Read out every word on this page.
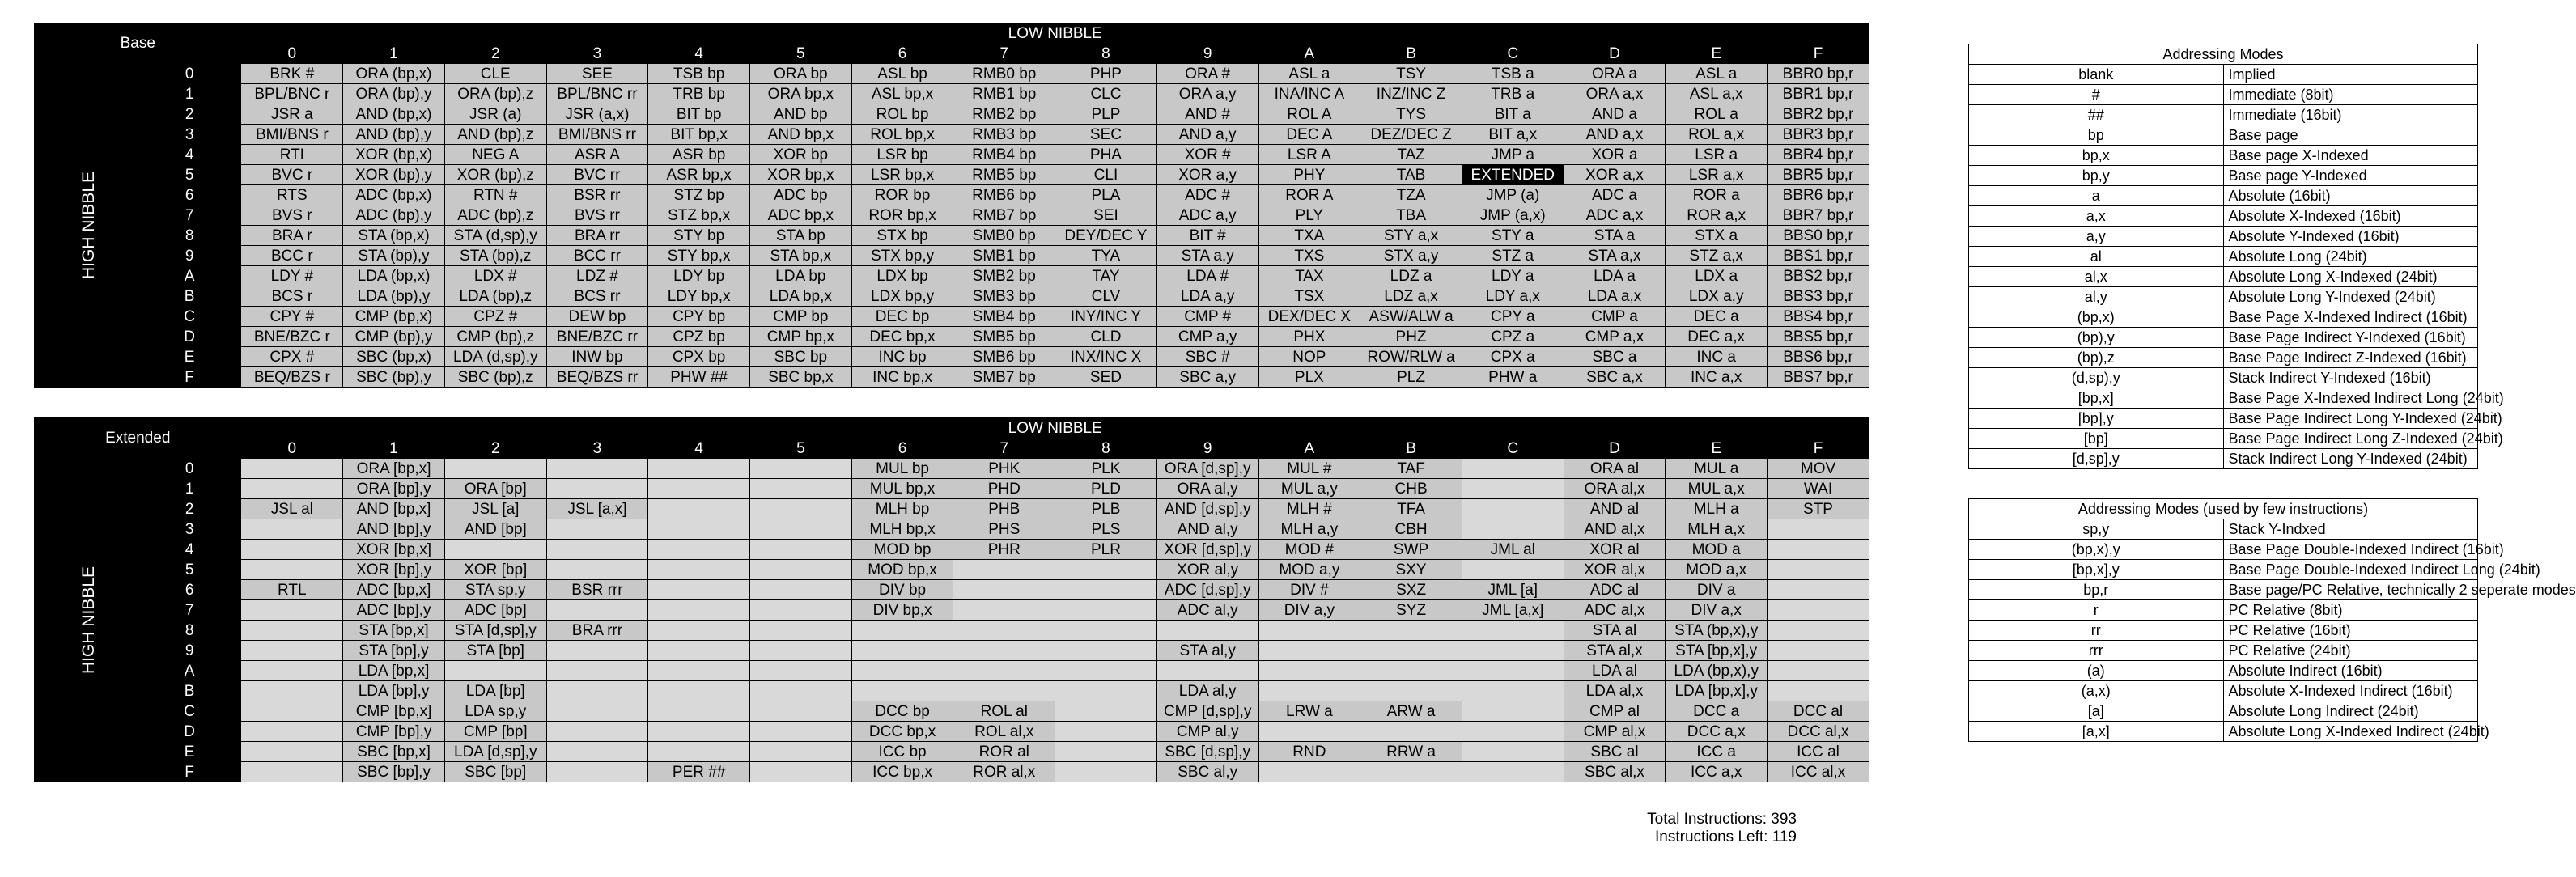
Base		LOW NIBBLE															
		0	1	2	3	4	5	6	7	8	9	A	B	C	D	E	F
HIGH NIBBLE	0	BRK #	ORA (bp,x)	CLE	SEE	TSB bp	ORA bp	ASL bp	RMB0 bp	PHP	ORA #	ASL a	TSY	TSB a	ORA a	ASL a	BBR0 bp,r
	1	BPL/BNC r	ORA (bp),y	ORA (bp),z	BPL/BNC rr	TRB bp	ORA bp,x	ASL bp,x	RMB1 bp	CLC	ORA a,y	INA/INC A	INZ/INC Z	TRB a	ORA a,x	ASL a,x	BBR1 bp,r
	2	JSR a	AND (bp,x)	JSR (a)	JSR (a,x)	BIT bp	AND bp	ROL bp	RMB2 bp	PLP	AND #	ROL A	TYS	BIT a	AND a	ROL a	BBR2 bp,r
	3	BMI/BNS r	AND (bp),y	AND (bp),z	BMI/BNS rr	BIT bp,x	AND bp,x	ROL bp,x	RMB3 bp	SEC	AND a,y	DEC A	DEZ/DEC Z	BIT a,x	AND a,x	ROL a,x	BBR3 bp,r
	4	RTI	XOR (bp,x)	NEG A	ASR A	ASR bp	XOR bp	LSR bp	RMB4 bp	PHA	XOR #	LSR A	TAZ	JMP a	XOR a	LSR a	BBR4 bp,r
	5	BVC r	XOR (bp),y	XOR (bp),z	BVC rr	ASR bp,x	XOR bp,x	LSR bp,x	RMB5 bp	CLI	XOR a,y	PHY	TAB	EXTENDED	XOR a,x	LSR a,x	BBR5 bp,r
	6	RTS	ADC (bp,x)	RTN #	BSR rr	STZ bp	ADC bp	ROR bp	RMB6 bp	PLA	ADC #	ROR A	TZA	JMP (a)	ADC a	ROR a	BBR6 bp,r
	7	BVS r	ADC (bp),y	ADC (bp),z	BVS rr	STZ bp,x	ADC bp,x	ROR bp,x	RMB7 bp	SEI	ADC a,y	PLY	TBA	JMP (a,x)	ADC a,x	ROR a,x	BBR7 bp,r
	8	BRA r	STA (bp,x)	STA (d,sp),y	BRA rr	STY bp	STA bp	STX bp	SMB0 bp	DEY/DEC Y	BIT #	TXA	STY a,x	STY a	STA a	STX a	BBS0 bp,r
	9	BCC r	STA (bp),y	STA (bp),z	BCC rr	STY bp,x	STA bp,x	STX bp,y	SMB1 bp	TYA	STA a,y	TXS	STX a,y	STZ a	STA a,x	STZ a,x	BBS1 bp,r
	A	LDY #	LDA (bp,x)	LDX #	LDZ #	LDY bp	LDA bp	LDX bp	SMB2 bp	TAY	LDA #	TAX	LDZ a	LDY a	LDA a	LDX a	BBS2 bp,r
	B	BCS r	LDA (bp),y	LDA (bp),z	BCS rr	LDY bp,x	LDA bp,x	LDX bp,y	SMB3 bp	CLV	LDA a,y	TSX	LDZ a,x	LDY a,x	LDA a,x	LDX a,y	BBS3 bp,r
	C	CPY #	CMP (bp,x)	CPZ #	DEW bp	CPY bp	CMP bp	DEC bp	SMB4 bp	INY/INC Y	CMP #	DEX/DEC X	ASW/ALW a	CPY a	CMP a	DEC a	BBS4 bp,r
	D	BNE/BZC r	CMP (bp),y	CMP (bp),z	BNE/BZC rr	CPZ bp	CMP bp,x	DEC bp,x	SMB5 bp	CLD	CMP a,y	PHX	PHZ	CPZ a	CMP a,x	DEC a,x	BBS5 bp,r
	E	CPX #	SBC (bp,x)	LDA (d,sp),y	INW bp	CPX bp	SBC bp	INC bp	SMB6 bp	INX/INC X	SBC #	NOP	ROW/RLW a	CPX a	SBC a	INC a	BBS6 bp,r
	F	BEQ/BZS r	SBC (bp),y	SBC (bp),z	BEQ/BZS rr	PHW ##	SBC bp,x	INC bp,x	SMB7 bp	SED	SBC a,y	PLX	PLZ	PHW a	SBC a,x	INC a,x	BBS7 bp,r
Extended		LOW NIBBLE															
		0	1	2	3	4	5	6	7	8	9	A	B	C	D	E	F
HIGH NIBBLE	0		ORA [bp,x]					MUL bp	PHK	PLK	ORA [d,sp],y	MUL #	TAF		ORA al	MUL a	MOV
	1		ORA [bp],y	ORA [bp]				MUL bp,x	PHD	PLD	ORA al,y	MUL a,y	CHB		ORA al,x	MUL a,x	WAI
	2	JSL al	AND [bp,x]	JSL [a]	JSL [a,x]			MLH bp	PHB	PLB	AND [d,sp],y	MLH #	TFA		AND al	MLH a	STP
	3		AND [bp],y	AND [bp]				MLH bp,x	PHS	PLS	AND al,y	MLH a,y	CBH		AND al,x	MLH a,x	
	4		XOR [bp,x]					MOD bp	PHR	PLR	XOR [d,sp],y	MOD #	SWP	JML al	XOR al	MOD a	
	5		XOR [bp],y	XOR [bp]				MOD bp,x			XOR al,y	MOD a,y	SXY		XOR al,x	MOD a,x	
	6	RTL	ADC [bp,x]	STA sp,y	BSR rrr			DIV bp			ADC [d,sp],y	DIV #	SXZ	JML [a]	ADC al	DIV a	
	7		ADC [bp],y	ADC [bp]				DIV bp,x			ADC al,y	DIV a,y	SYZ	JML [a,x]	ADC al,x	DIV a,x	
	8		STA [bp,x]	STA [d,sp],y	BRA rrr										STA al	STA (bp,x),y	
	9		STA [bp],y	STA [bp]							STA al,y				STA al,x	STA [bp,x],y	
	A		LDA [bp,x]												LDA al	LDA (bp,x),y	
	B		LDA [bp],y	LDA [bp]							LDA al,y				LDA al,x	LDA [bp,x],y	
	C		CMP [bp,x]	LDA sp,y				DCC bp	ROL al		CMP [d,sp],y	LRW a	ARW a		CMP al	DCC a	DCC al
	D		CMP [bp],y	CMP [bp]				DCC bp,x	ROL al,x		CMP al,y				CMP al,x	DCC a,x	DCC al,x
	E		SBC [bp,x]	LDA [d,sp],y				ICC bp	ROR al		SBC [d,sp],y	RND	RRW a		SBC al	ICC a	ICC al
	F		SBC [bp],y	SBC [bp]		PER ##		ICC bp,x	ROR al,x		SBC al,y				SBC al,x	ICC a,x	ICC al,x
Addressing Modes	
blank	Implied
#	Immediate (8bit)
##	Immediate (16bit)
bp	Base page
bp,x	Base page X-Indexed
bp,y	Base page Y-Indexed
a	Absolute (16bit)
a,x	Absolute X-Indexed (16bit)
a,y	Absolute Y-Indexed (16bit)
al	Absolute Long (24bit)
al,x	Absolute Long X-Indexed (24bit)
al,y	Absolute Long Y-Indexed (24bit)
(bp,x)	Base Page X-Indexed Indirect (16bit)
(bp),y	Base Page Indirect Y-Indexed (16bit)
(bp),z	Base Page Indirect Z-Indexed (16bit)
(d,sp),y	Stack Indirect Y-Indexed (16bit)
[bp,x]	Base Page X-Indexed Indirect Long (24bit)
[bp],y	Base Page Indirect Long Y-Indexed (24bit)
[bp]	Base Page Indirect Long Z-Indexed (24bit)
[d,sp],y	Stack Indirect Long Y-Indexed (24bit)
Addressing Modes (used by few instructions)	
sp,y	Stack Y-Indxed
(bp,x),y	Base Page Double-Indexed Indirect (16bit)
[bp,x],y	Base Page Double-Indexed Indirect Long (24bit)
bp,r	Base page/PC Relative, technically 2 seperate modes
r	PC Relative (8bit)
rr	PC Relative (16bit)
rrr	PC Relative (24bit)
(a)	Absolute Indirect (16bit)
(a,x)	Absolute X-Indexed Indirect (16bit)
[a]	Absolute Long Indirect (24bit)
[a,x]	Absolute Long X-Indexed Indirect (24bit)
Total Instructions: 393
Instructions Left: 119
